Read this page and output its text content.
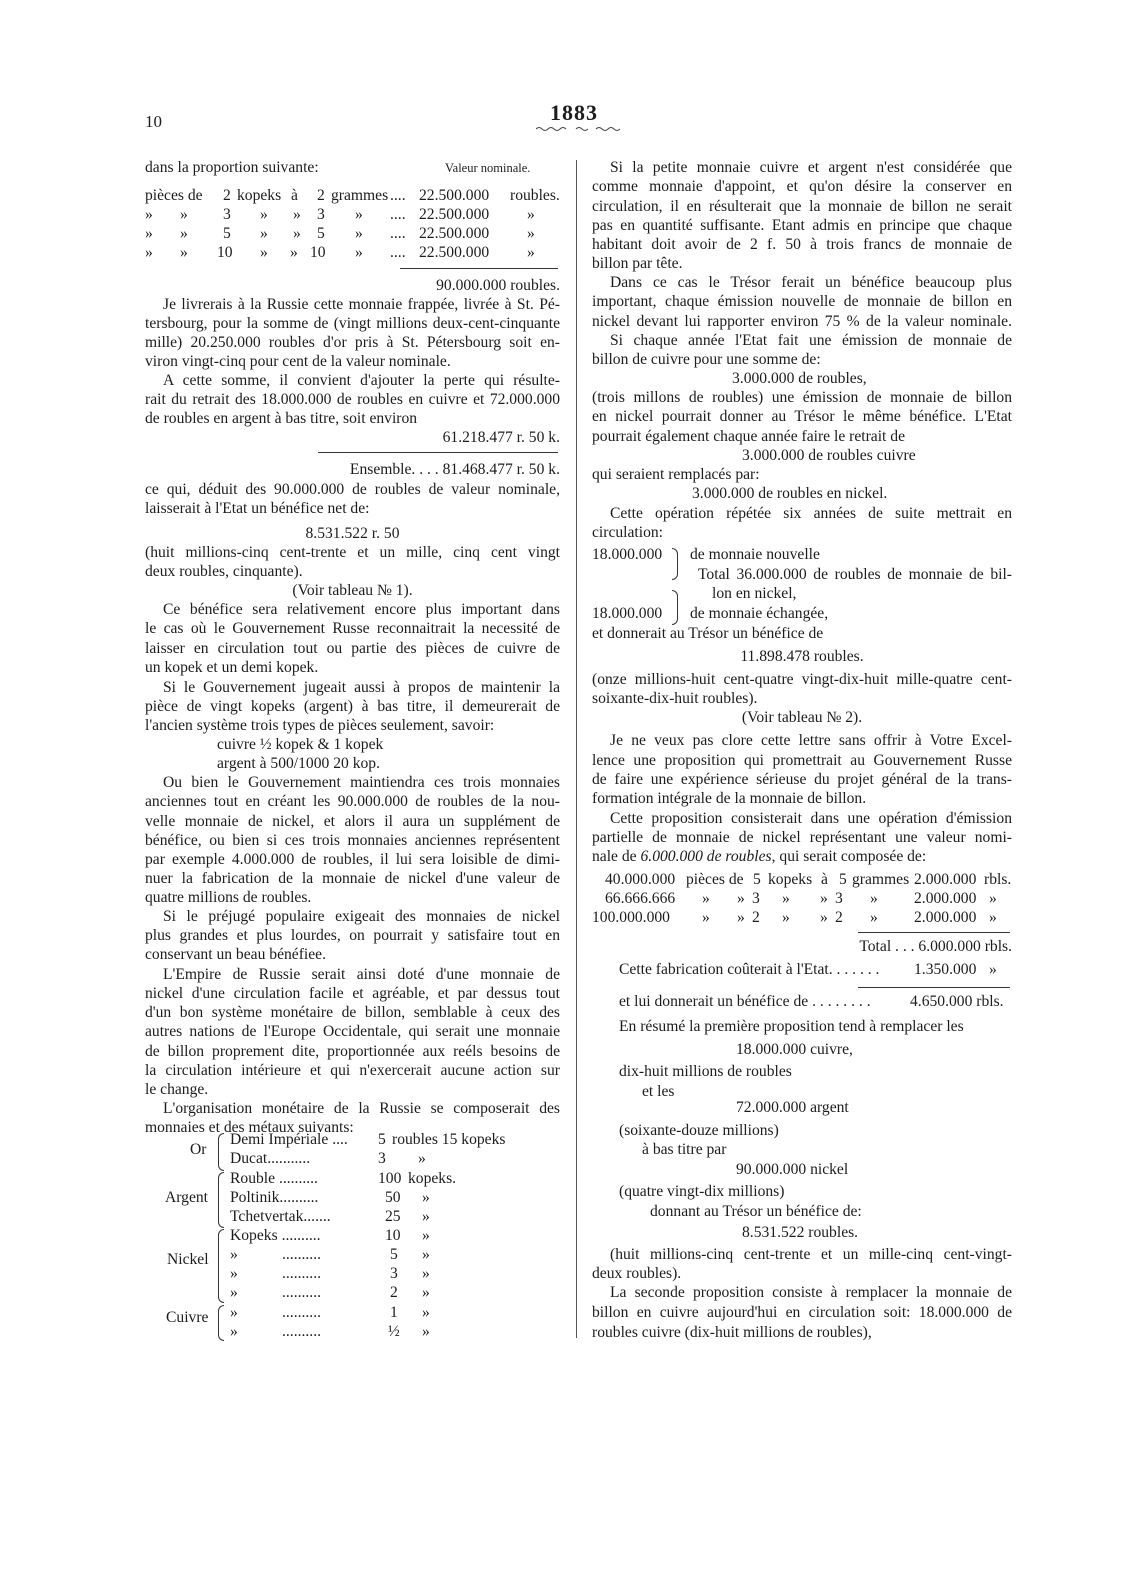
10	1883
dans la proportion suivante:	Valeur nominale.
pièces de 2 kopeks à 2 grammes .... 22.500.000 roubles.
» » 3 » » 3 » .... 22.500.000 »
» » 5 » » 5 » .... 22.500.000 »
» » 10 » » 10 » .... 22.500.000 »
90.000.000 roubles.
Je livrerais à la Russie cette monnaie frappée, livrée à St. Pé-
tersbourg, pour la somme de (vingt millions deux-cent-cinquante
mille) 20.250.000 roubles d'or pris à St. Pétersbourg soit en-
viron vingt-cinq pour cent de la valeur nominale.
A cette somme, il convient d'ajouter la perte qui résulte-
rait du retrait des 18.000.000 de roubles en cuivre et 72.000.000
de roubles en argent à bas titre, soit environ
61.218.477 r. 50 k.
Ensemble. . . . 81.468.477 r. 50 k.
ce qui, déduit des 90.000.000 de roubles de valeur nominale,
laisserait à l'Etat un bénéfice net de:
8.531.522 r. 50
(huit millions-cinq cent-trente et un mille, cinq cent vingt
deux roubles, cinquante).
(Voir tableau № 1).
Ce bénéfice sera relativement encore plus important dans
le cas où le Gouvernement Russe reconnaitrait la necessité de
laisser en circulation tout ou partie des pièces de cuivre de
un kopek et un demi kopek.
Si le Gouvernement jugeait aussi à propos de maintenir la
pièce de vingt kopeks (argent) à bas titre, il demeurerait de
l'ancien système trois types de pièces seulement, savoir:
cuivre ½ kopek & 1 kopek
argent à 500/1000 20 kop.
Ou bien le Gouvernement maintiendra ces trois monnaies
anciennes tout en créant les 90.000.000 de roubles de la nou-
velle monnaie de nickel, et alors il aura un supplément de
bénéfice, ou bien si ces trois monnaies anciennes représentent
par exemple 4.000.000 de roubles, il lui sera loisible de dimi-
nuer la fabrication de la monnaie de nickel d'une valeur de
quatre millions de roubles.
Si le préjugé populaire exigeait des monnaies de nickel
plus grandes et plus lourdes, on pourrait y satisfaire tout en
conservant un beau bénéfiee.
L'Empire de Russie serait ainsi doté d'une monnaie de
nickel d'une circulation facile et agréable, et par dessus tout
d'un bon système monétaire de billon, semblable à ceux des
autres nations de l'Europe Occidentale, qui serait une monnaie
de billon proprement dite, proportionnée aux reéls besoins de
la circulation intérieure et qui n'exercerait aucune action sur
le change.
L'organisation monétaire de la Russie se composerait des
monnaies et des métaux suivants:
Or
Demi Impériale .... 5 roubles 15 kopeks
Ducat...........	3 »
Argent
Rouble ..........	100 kopeks.
Poltinik..........	50 »
Tchetvertak.......	25 »
Nickel
Kopeks ..........	10 »
»	..........	5 »
»	..........	3 »
»	..........	2 »
Cuivre »	..........	1 »
»	..........	½ »
Si la petite monnaie cuivre et argent n'est considérée que
comme monnaie d'appoint, et qu'on désire la conserver en
circulation, il en résulterait que la monnaie de billon ne serait
pas en quantité suffisante. Etant admis en principe que chaque
habitant doit avoir de 2 f. 50 à trois francs de monnaie de
billon par tête.
Dans ce cas le Trésor ferait un bénéfice beaucoup plus
important, chaque émission nouvelle de monnaie de billon en
nickel devant lui rapporter environ 75 % de la valeur nominale.
Si chaque année l'Etat fait une émission de monnaie de
billon de cuivre pour une somme de:
3.000.000 de roubles,
(trois millons de roubles) une émission de monnaie de billon
en nickel pourrait donner au Trésor le même bénéfice. L'Etat
pourrait également chaque année faire le retrait de
3.000.000 de roubles cuivre
qui seraient remplacés par:
3.000.000 de roubles en nickel.
Cette opération répétée six années de suite mettrait en
circulation:
18.000.000 de monnaie nouvelle
Total 36.000.000 de roubles de monnaie de bil-
lon en nickel,
18.000.000 de monnaie échangée,
et donnerait au Trésor un bénéfice de
11.898.478 roubles.
(onze millions-huit cent-quatre vingt-dix-huit mille-quatre cent-
soixante-dix-huit roubles).
(Voir tableau № 2).
Je ne veux pas clore cette lettre sans offrir à Votre Excel-
lence une proposition qui promettrait au Gouvernement Russe
de faire une expérience sérieuse du projet général de la trans-
formation intégrale de la monnaie de billon.
Cette proposition consisterait dans une opération d'émission
partielle de monnaie de nickel représentant une valeur nomi-
nale de 6.000.000 de roubles, qui serait composée de:
40.000.000 pièces de 5 kopeks à 5 grammes 2.000.000 rbls.
66.666.666 » » 3 » » 3 » 2.000.000 »
100.000.000 » » 2 » » 2 » 2.000.000 »
Total . . . 6.000.000 rbls.
Cette fabrication coûterait à l'Etat. . . . . . . 1.350.000 »
et lui donnerait un bénéfice de . . . . . . . .	4.650.000 rbls.
En résumé la première proposition tend à remplacer les
18.000.000 cuivre,
dix-huit millions de roubles
et les
72.000.000 argent
(soixante-douze millions)
à bas titre par
90.000.000 nickel
(quatre vingt-dix millions)
donnant au Trésor un bénéfice de:
8.531.522 roubles.
(huit millions-cinq cent-trente et un mille-cinq cent-vingt-
deux roubles).
La seconde proposition consiste à remplacer la monnaie de
billon en cuivre aujourd'hui en circulation soit: 18.000.000 de
roubles cuivre (dix-huit millions de roubles),
